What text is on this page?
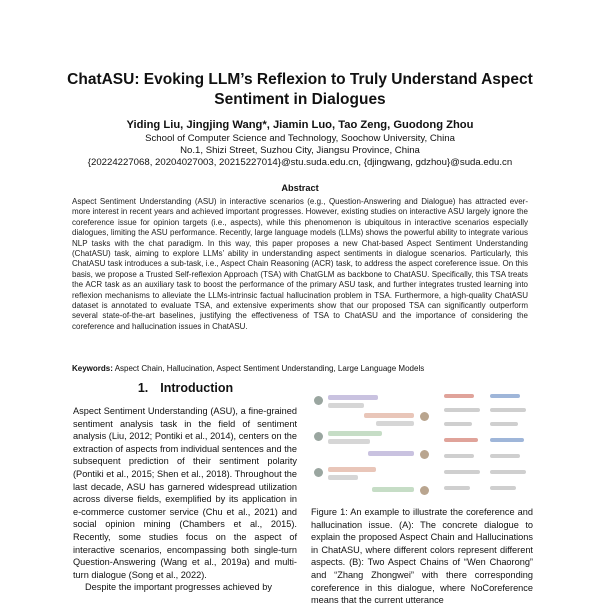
ChatASU: Evoking LLM’s Reflexion to Truly Understand Aspect
Sentiment in Dialogues
Yiding Liu, Jingjing Wang*, Jiamin Luo, Tao Zeng, Guodong Zhou
School of Computer Science and Technology, Soochow University, China
No.1, Shizi Street, Suzhou City, Jiangsu Province, China
{20224227068, 20204027003, 20215227014}@stu.suda.edu.cn, {djingwang, gdzhou}@suda.edu.cn
Abstract
Aspect Sentiment Understanding (ASU) in interactive scenarios (e.g., Question-Answering and Dialogue) has attracted ever-more interest in recent years and achieved important progresses. However, existing studies on interactive ASU largely ignore the coreference issue for opinion targets (i.e., aspects), while this phenomenon is ubiquitous in interactive scenarios especially dialogues, limiting the ASU performance. Recently, large language models (LLMs) shows the powerful ability to integrate various NLP tasks with the chat paradigm. In this way, this paper proposes a new Chat-based Aspect Sentiment Understanding (ChatASU) task, aiming to explore LLMs’ ability in understanding aspect sentiments in dialogue scenarios. Particularly, this ChatASU task introduces a sub-task, i.e., Aspect Chain Reasoning (ACR) task, to address the aspect coreference issue. On this basis, we propose a Trusted Self-reflexion Approach (TSA) with ChatGLM as backbone to ChatASU. Specifically, this TSA treats the ACR task as an auxiliary task to boost the performance of the primary ASU task, and further integrates trusted learning into reflexion mechanisms to alleviate the LLMs-intrinsic factual hallucination problem in TSA. Furthermore, a high-quality ChatASU dataset is annotated to evaluate TSA, and extensive experiments show that our proposed TSA can significantly outperform several state-of-the-art baselines, justifying the effectiveness of TSA to ChatASU and the importance of considering the coreference and hallucination issues in ChatASU.
Keywords: Aspect Chain, Hallucination, Aspect Sentiment Understanding, Large Language Models
1. Introduction

Aspect Sentiment Understanding (ASU), a fine-grained sentiment analysis task in the field of sentiment analysis (Liu, 2012; Pontiki et al., 2014), centers on the extraction of aspects from individual sentences and the subsequent prediction of their sentiment polarity (Pontiki et al., 2015; Shen et al., 2018). Throughout the last decade, ASU has garnered widespread utilization across diverse fields, exemplified by its application in e-commerce customer service (Chu et al., 2021) and social opinion mining (Chambers et al., 2015). Recently, some studies focus on the aspect of interactive scenarios, encompassing both single-turn Question-Answering (Wang et al., 2019a) and multi-turn dialogue (Song et al., 2022).

Despite the important progresses achieved by

Figure 1: An example to illustrate the coreference and hallucination issue. (A): The concrete dialogue to explain the proposed Aspect Chain and Hallucinations in ChatASU, where different colors represent different aspects. (B): Two Aspect Chains of “Wen Chaorong” and “Zhang Zhongwei” with there corresponding coreference in this dialogue, where NoCoreference means that the current utterance
